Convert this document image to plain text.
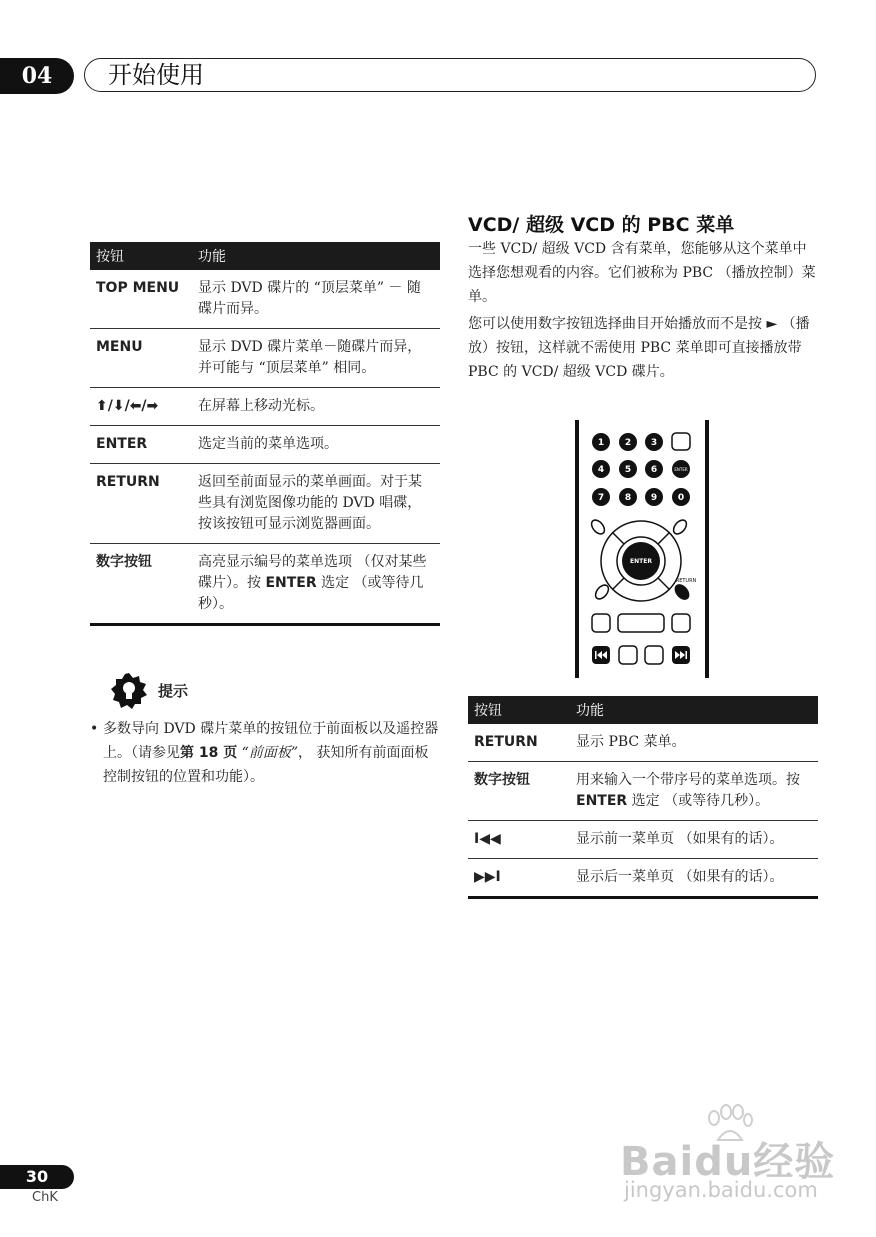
04	开始使用
按钮	功能
TOP MENU	显示 DVD 碟片的 “顶层菜单” － 随碟片而异。
MENU	显示 DVD 碟片菜单－随碟片而异，并可能与 “顶层菜单” 相同。
⬆/⬇/⬅/➡	在屏幕上移动光标。
ENTER	选定当前的菜单选项。
RETURN	返回至前面显示的菜单画面。对于某些具有浏览图像功能的 DVD 唱碟，按该按钮可显示浏览器画面。
数字按钮	高亮显示编号的菜单选项 （仅对某些碟片）。按 ENTER 选定 （或等待几秒）。
提示
• 多数导向 DVD 碟片菜单的按钮位于前面板以及遥控器上。（请参见第 18 页 “前面板”， 获知所有前面面板控制按钮的位置和功能）。
VCD/ 超级 VCD 的 PBC 菜单
一些 VCD/ 超级 VCD 含有菜单，您能够从这个菜单中选择您想观看的内容。它们被称为 PBC （播放控制）菜单。
您可以使用数字按钮选择曲目开始播放而不是按 ► （播放）按钮，这样就不需使用 PBC 菜单即可直接播放带 PBC 的 VCD/ 超级 VCD 碟片。
1 2 3
4 5 6
7 8 9 0
ENTER
ENTER
RETURN
按钮	功能
RETURN	显示 PBC 菜单。
数字按钮	用来输入一个带序号的菜单选项。按 ENTER 选定 （或等待几秒）。
I◀◀	显示前一菜单页 （如果有的话）。
▶▶I	显示后一菜单页 （如果有的话）。
30
ChK
Baidu经验
jingyan.baidu.com
